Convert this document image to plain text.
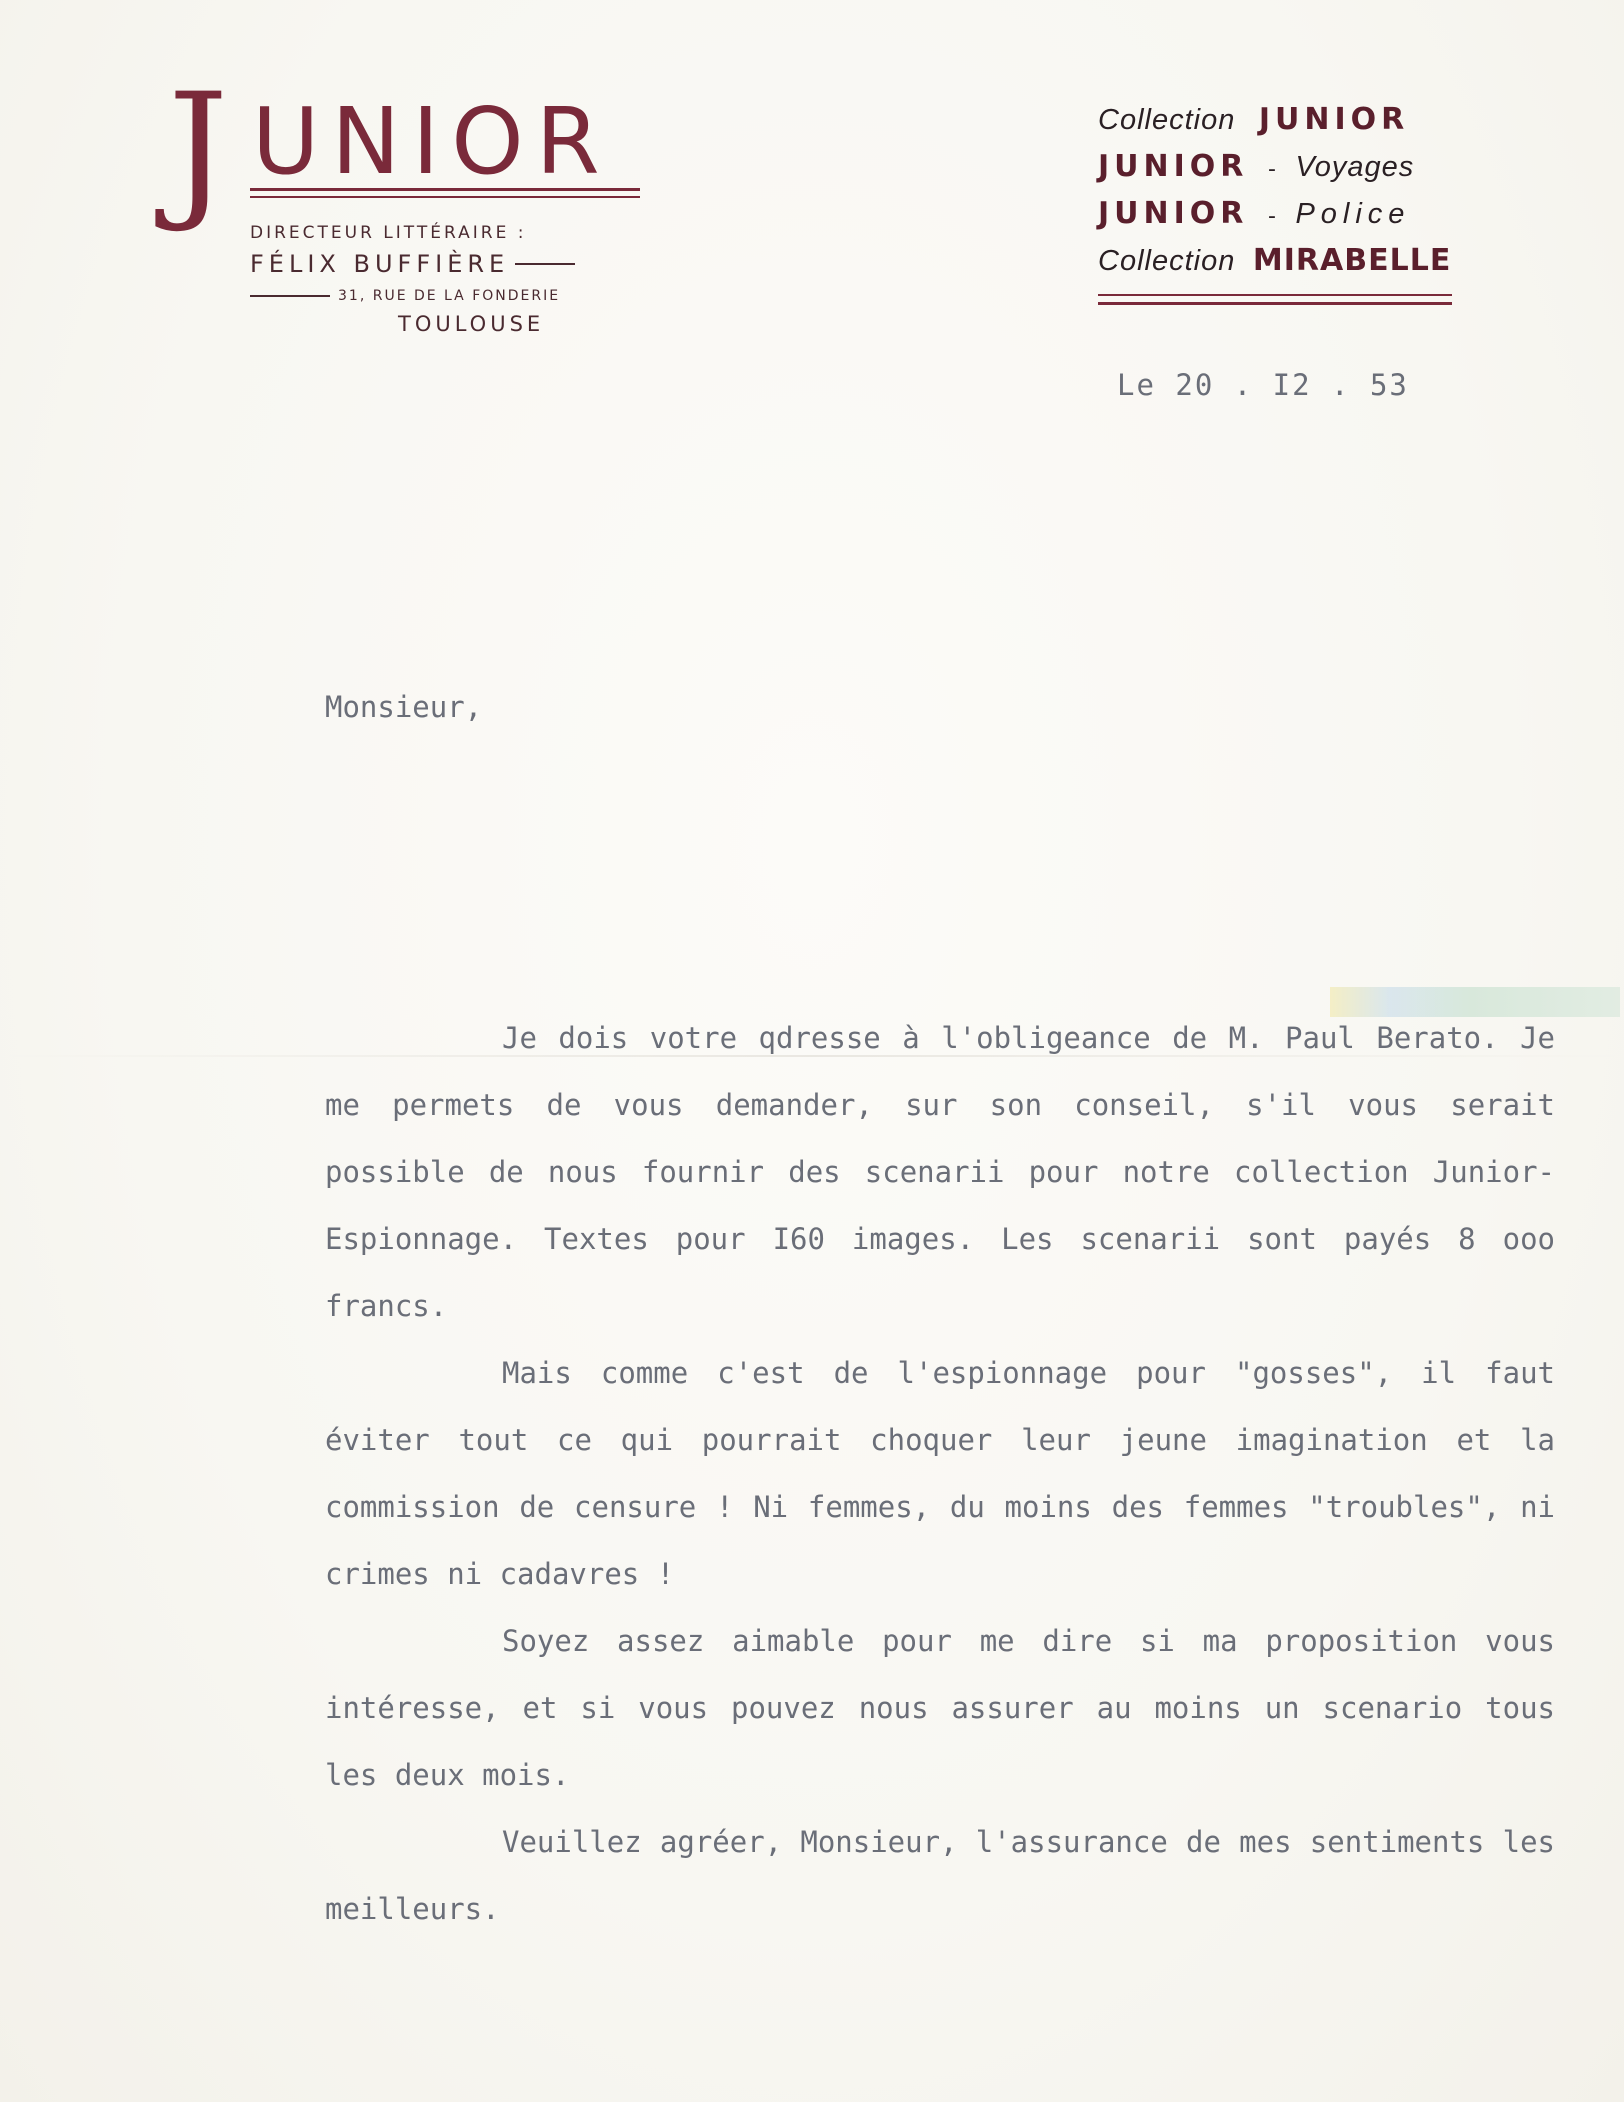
J UNIOR
DIRECTEUR LITTÉRAIRE :
FÉLIX BUFFIÈRE
31, RUE DE LA FONDERIE
TOULOUSE
Collection JUNIOR
JUNIOR - Voyages
JUNIOR - Police
Collection MIRABELLE
Le 20 . I2 . 53
Monsieur,

Je dois votre qdresse à l'obligeance de M. Paul Berato. Je me permets de vous demander, sur son conseil, s'il vous serait possible de nous fournir des scenarii pour notre collection Junior-Espionnage. Textes pour I60 images. Les scenarii sont payés 8 ooo francs.

Mais comme c'est de l'espionnage pour "gosses", il faut éviter tout ce qui pourrait choquer leur jeune imagination et la commission de censure ! Ni femmes, du moins des femmes "troubles", ni crimes ni cadavres !

Soyez assez aimable pour me dire si ma proposition vous intéresse, et si vous pouvez nous assurer au moins un scenario tous les deux mois.

Veuillez agréer, Monsieur, l'assurance de mes sentiments les meilleurs.
